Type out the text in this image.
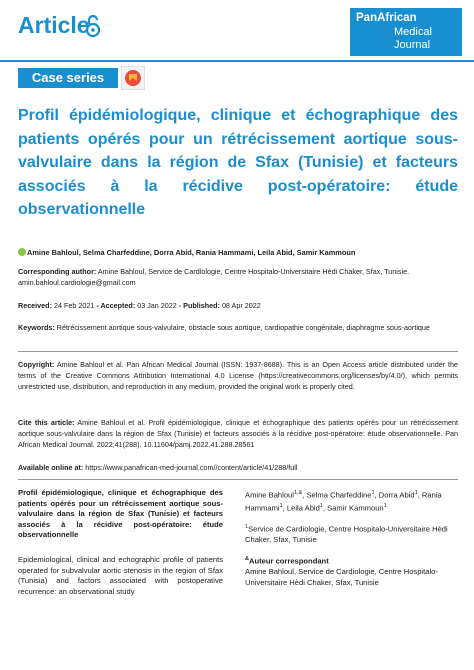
Article	PanAfrican
Medical
Journal
Case series
Profil épidémiologique, clinique et échographique des patients opérés pour un rétrécissement aortique sous-valvulaire dans la région de Sfax (Tunisie) et facteurs associés à la récidive post-opératoire: étude observationnelle
Amine Bahloul, Selma Charfeddine, Dorra Abid, Rania Hammami, Leila Abid, Samir Kammoun
Corresponding author: Amine Bahloul, Service de Cardiologie, Centre Hospitalo-Universitaire Hèdi Chaker, Sfax, Tunisie.
amin.bahloul.cardiologie@gmail.com
Received: 24 Feb 2021 - Accepted: 03 Jan 2022 - Published: 08 Apr 2022
Keywords: Rétrécissement aortique sous-valvulaire, obstacle sous aortique, cardiopathie congénitale, diaphragme sous-aortique
Copyright: Amine Bahloul et al. Pan African Medical Journal (ISSN: 1937-8688). This is an Open Access article distributed under the terms of the Creative Commons Attribution International 4.0 License (https://creativecommons.org/licenses/by/4.0/), which permits unrestricted use, distribution, and reproduction in any medium, provided the original work is properly cited.
Cite this article: Amine Bahloul et al. Profil épidémiologique, clinique et échographique des patients opérés pour un rétrécissement aortique sous-valvulaire dans la région de Sfax (Tunisie) et facteurs associés à la récidive post-opératoire: étude observationnelle. Pan African Medical Journal. 2022;41(288). 10.11604/pamj.2022.41.288.28561
Available online at: https://www.panafrican-med-journal.com//content/article/41/288/full
Profil épidémiologique, clinique et échographique des patients opérés pour un rétrécissement aortique sous-valvulaire dans la région de Sfax (Tunisie) et facteurs associés à la récidive post-opératoire: étude observationnelle
Epidemiological, clinical and echographic profile of patients operated for subvalvular aortic stenosis in the region of Sfax (Tunisia) and factors associated with postoperative recurrence: an observational study
Amine Bahloul$^{1,\&}$, Selma Charfeddine$^1$, Dorra Abid$^1$, Rania Hammami$^1$, Leila Abid$^1$, Samir Kammoun$^1$
$^1$Service de Cardiologie, Centre Hospitalo-Universitaire Hèdi Chaker, Sfax, Tunisie
&Auteur correspondant
Amine Bahloul, Service de Cardiologie, Centre Hospitalo-Universitaire Hèdi Chaker, Sfax, Tunisie
